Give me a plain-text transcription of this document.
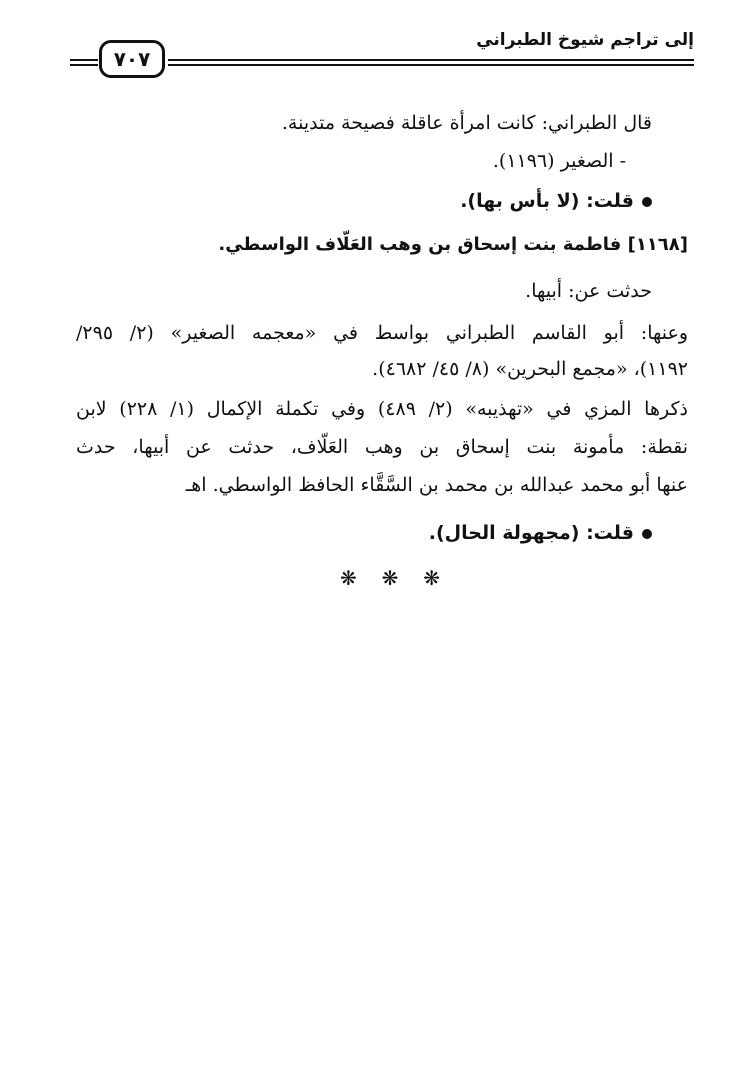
إلى تراجم شيوخ الطبراني
٧٠٧
قال الطبراني: كانت امرأة عاقلة فصيحة متدينة.
- الصغير (١١٩٦).
قلت: (لا بأس بها).
[١١٦٨] فاطمة بنت إسحاق بن وهب العَلّاف الواسطي.
حدثت عن: أبيها.
وعنها: أبو القاسم الطبراني بواسط في «معجمه الصغير» (٢/ ٢٩٥/
١١٩٢)، «مجمع البحرين» (٨/ ٤٥/ ٤٦٨٢).
ذكرها المزي في «تهذيبه» (٢/ ٤٨٩) وفي تكملة الإكمال (١/ ٢٢٨) لابن
نقطة: مأمونة بنت إسحاق بن وهب العَلّاف، حدثت عن أبيها، حدث
عنها أبو محمد عبدالله بن محمد بن السَّقَّاء الحافظ الواسطي. اهـ
قلت: (مجهولة الحال).
❋ ❋ ❋
